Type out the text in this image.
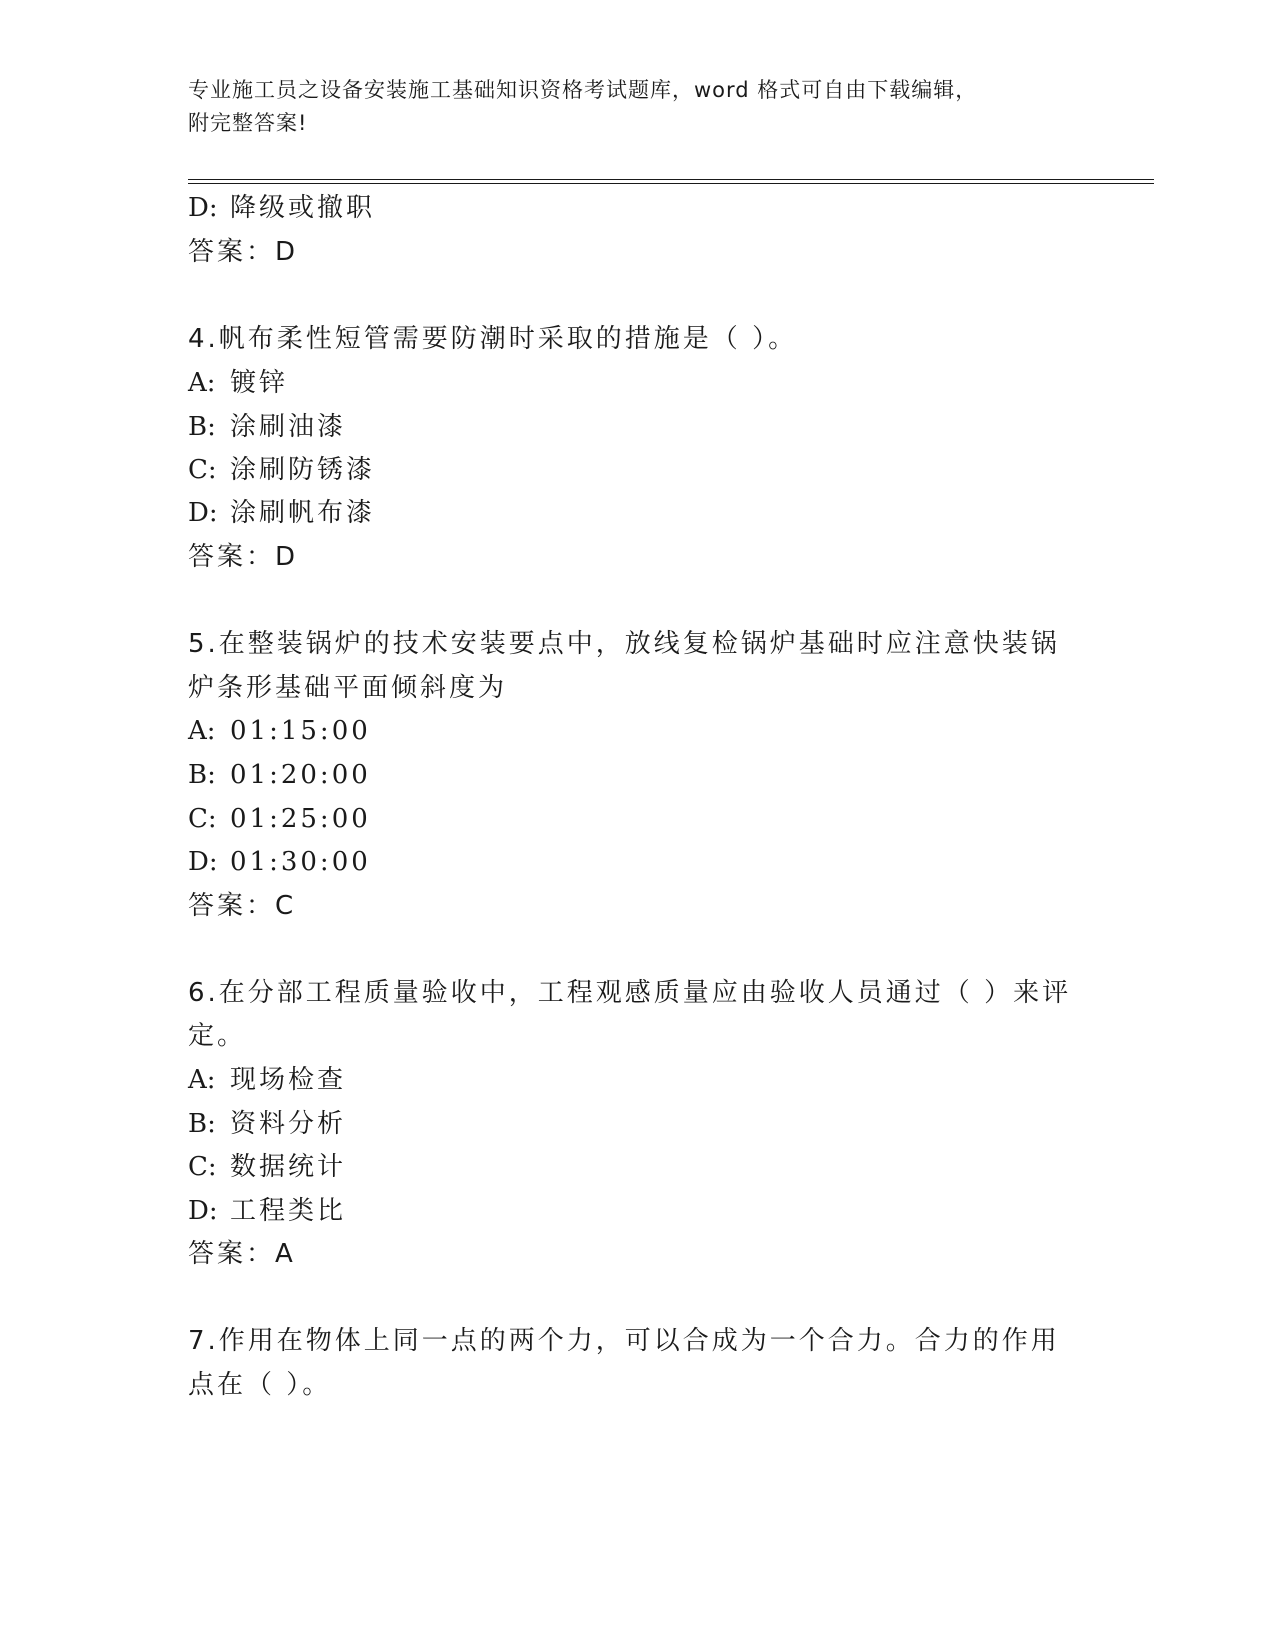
专业施工员之设备安装施工基础知识资格考试题库，word 格式可自由下载编辑，
附完整答案!
D: 降级或撤职
答案：D
4.帆布柔性短管需要防潮时采取的措施是（ ）。
A: 镀锌
B: 涂刷油漆
C: 涂刷防锈漆
D: 涂刷帆布漆
答案：D
5.在整装锅炉的技术安装要点中，放线复检锅炉基础时应注意快装锅
炉条形基础平面倾斜度为
A: 01:15:00
B: 01:20:00
C: 01:25:00
D: 01:30:00
答案：C
6.在分部工程质量验收中，工程观感质量应由验收人员通过（ ）来评
定。
A: 现场检查
B: 资料分析
C: 数据统计
D: 工程类比
答案：A
7.作用在物体上同一点的两个力，可以合成为一个合力。合力的作用
点在（ ）。
